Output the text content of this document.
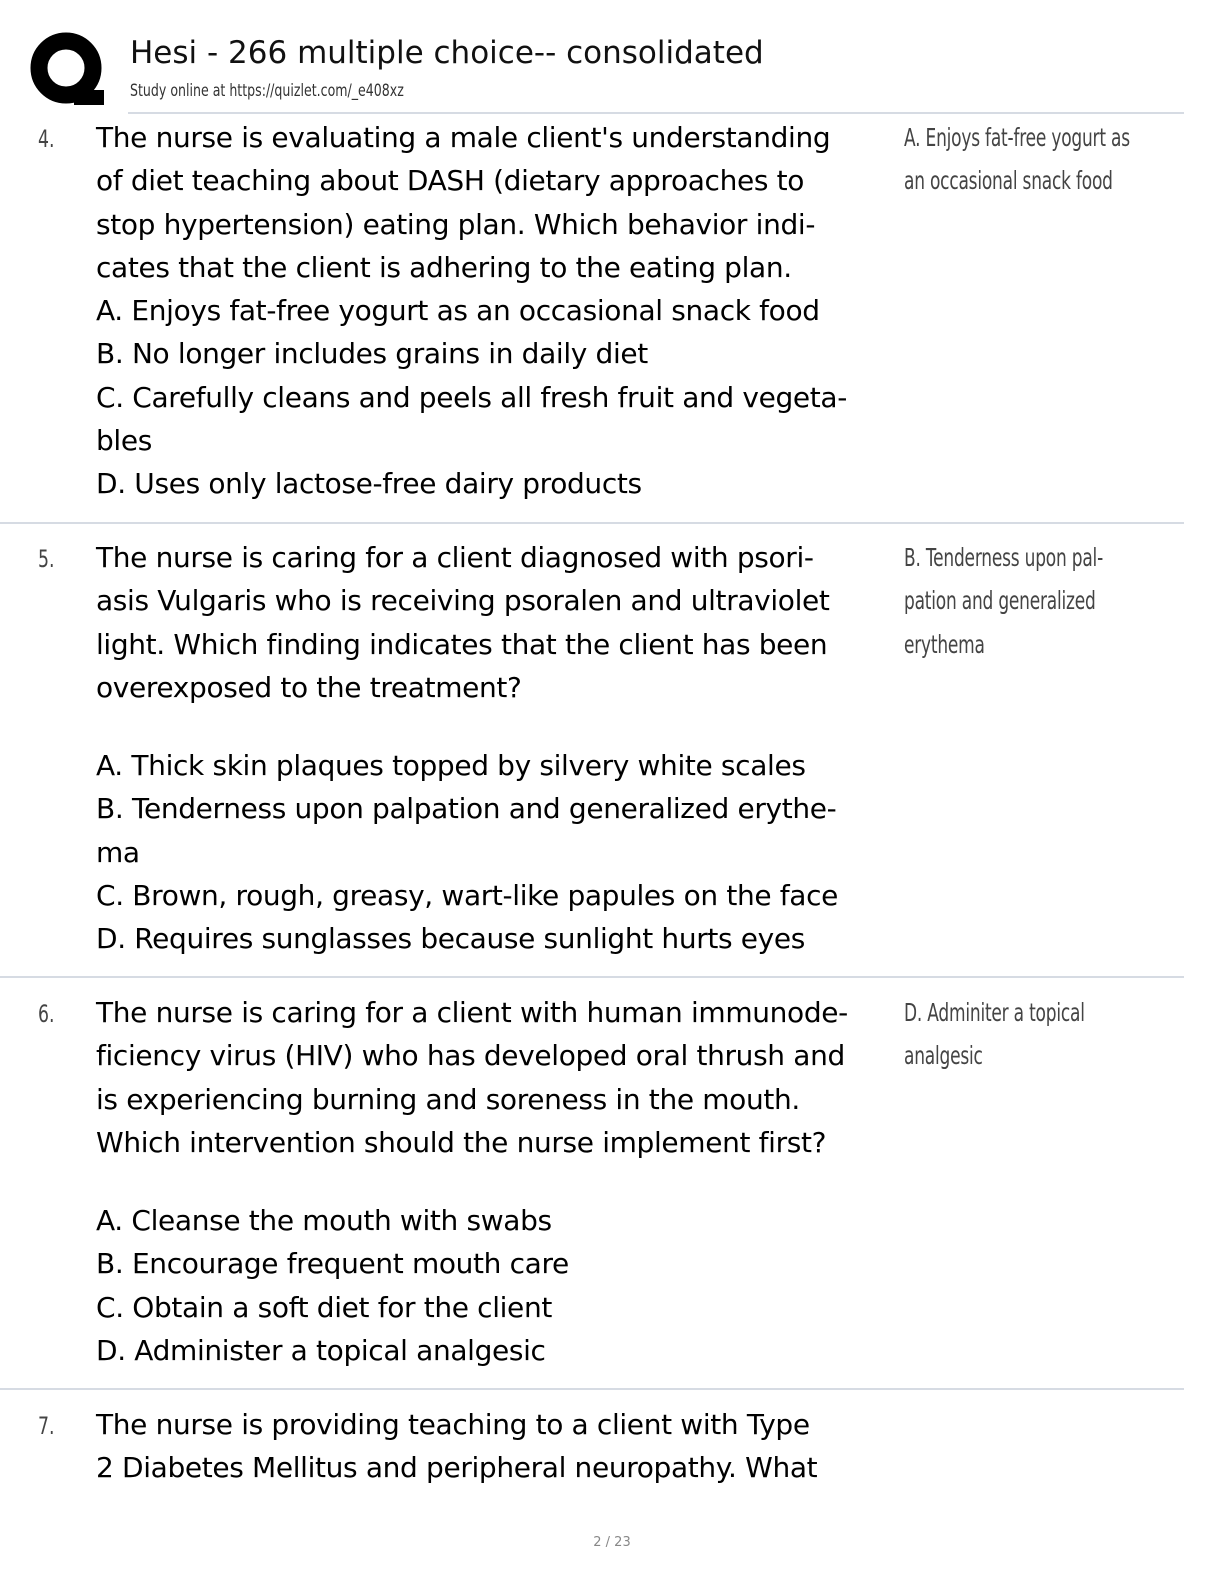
Hesi - 266 multiple choice-- consolidated
Study online at https://quizlet.com/_e408xz
4. The nurse is evaluating a male client's understanding
of diet teaching about DASH (dietary approaches to
stop hypertension) eating plan. Which behavior indi-
cates that the client is adhering to the eating plan.
A. Enjoys fat-free yogurt as an occasional snack food
B. No longer includes grains in daily diet
C. Carefully cleans and peels all fresh fruit and vegeta-
bles
D. Uses only lactose-free dairy products
A. Enjoys fat-free yogurt as
an occasional snack food
5. The nurse is caring for a client diagnosed with psori-
asis Vulgaris who is receiving psoralen and ultraviolet
light. Which finding indicates that the client has been
overexposed to the treatment?
A. Thick skin plaques topped by silvery white scales
B. Tenderness upon palpation and generalized erythe-
ma
C. Brown, rough, greasy, wart-like papules on the face
D. Requires sunglasses because sunlight hurts eyes
B. Tenderness upon pal-
pation and generalized
erythema
6. The nurse is caring for a client with human immunode-
ficiency virus (HIV) who has developed oral thrush and
is experiencing burning and soreness in the mouth.
Which intervention should the nurse implement first?
A. Cleanse the mouth with swabs
B. Encourage frequent mouth care
C. Obtain a soft diet for the client
D. Administer a topical analgesic
D. Adminiter a topical
analgesic
7. The nurse is providing teaching to a client with Type
2 Diabetes Mellitus and peripheral neuropathy. What
2 / 23
